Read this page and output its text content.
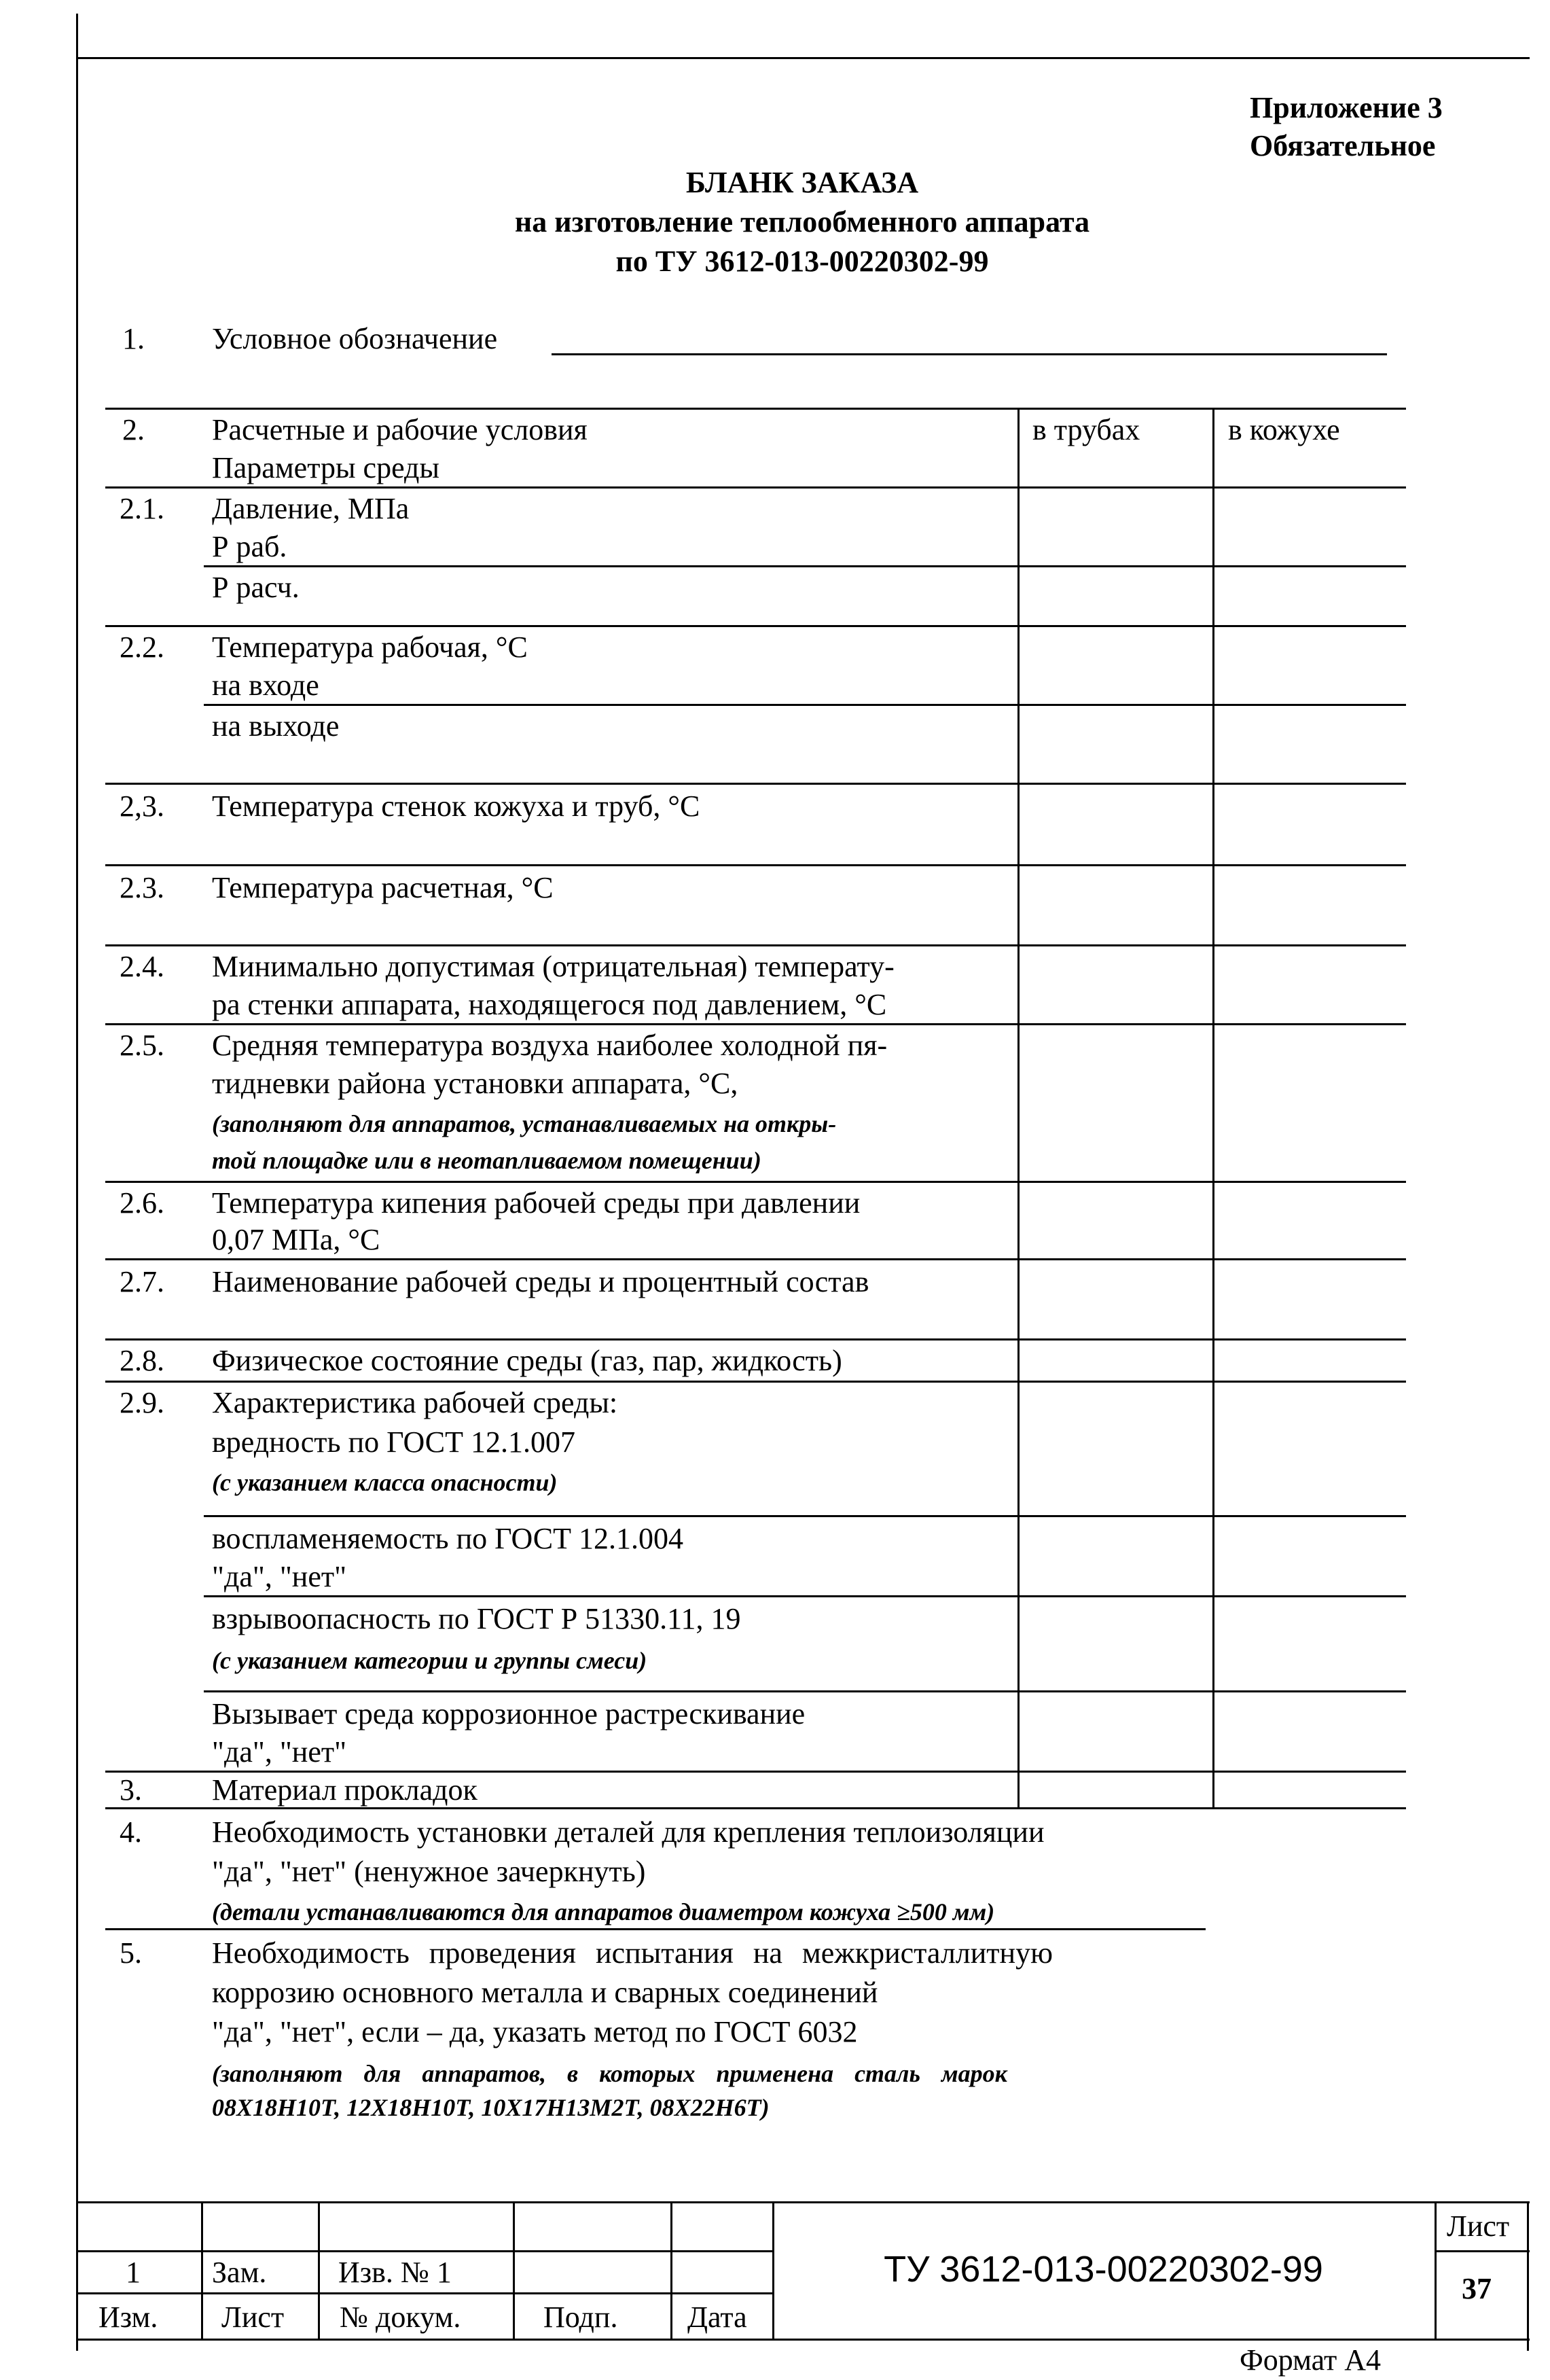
Приложение 3
Обязательное
БЛАНК ЗАКАЗА
на изготовление теплообменного аппарата
по ТУ 3612-013-00220302-99
1. Условное обозначение
2. Расчетные и рабочие условия
Параметры среды
в трубах	в кожухе
2.1. Давление, МПа
Р раб.
Р расч.
2.2. Температура рабочая, °С
на входе
на выходе
2,3. Температура стенок кожуха и труб, °С
2.3. Температура расчетная, °С
2.4. Минимально допустимая (отрицательная) температу-
ра стенки аппарата, находящегося под давлением, °С
2.5. Средняя температура воздуха наиболее холодной пя-
тидневки района установки аппарата, °С,
(заполняют для аппаратов, устанавливаемых на откры-
той площадке или в неотапливаемом помещении)
2.6. Температура кипения рабочей среды при давлении
0,07 МПа, °С
2.7. Наименование рабочей среды и процентный состав
2.8. Физическое состояние среды (газ, пар, жидкость)
2.9. Характеристика рабочей среды:
вредность по ГОСТ 12.1.007
(с указанием класса опасности)
воспламеняемость по ГОСТ 12.1.004
"да", "нет"
взрывоопасность по ГОСТ Р 51330.11, 19
(с указанием категории и группы смеси)
Вызывает среда коррозионное растрескивание
"да", "нет"
3. Материал прокладок
4. Необходимость установки деталей для крепления теплоизоляции
"да", "нет" (ненужное зачеркнуть)
(детали устанавливаются для аппаратов диаметром кожуха ≥500 мм)
5. Необходимость проведения испытания на межкристаллитную
коррозию основного металла и сварных соединений
"да", "нет", если – да, указать метод по ГОСТ 6032
(заполняют для аппаратов, в которых применена сталь марок
08Х18Н10Т, 12Х18Н10Т, 10Х17Н13М2Т, 08Х22Н6Т)
1 Зам. Изв. № 1
Изм. Лист № докум.	Подп. Дата
ТУ 3612-013-00220302-99
Лист
37
Формат А4
